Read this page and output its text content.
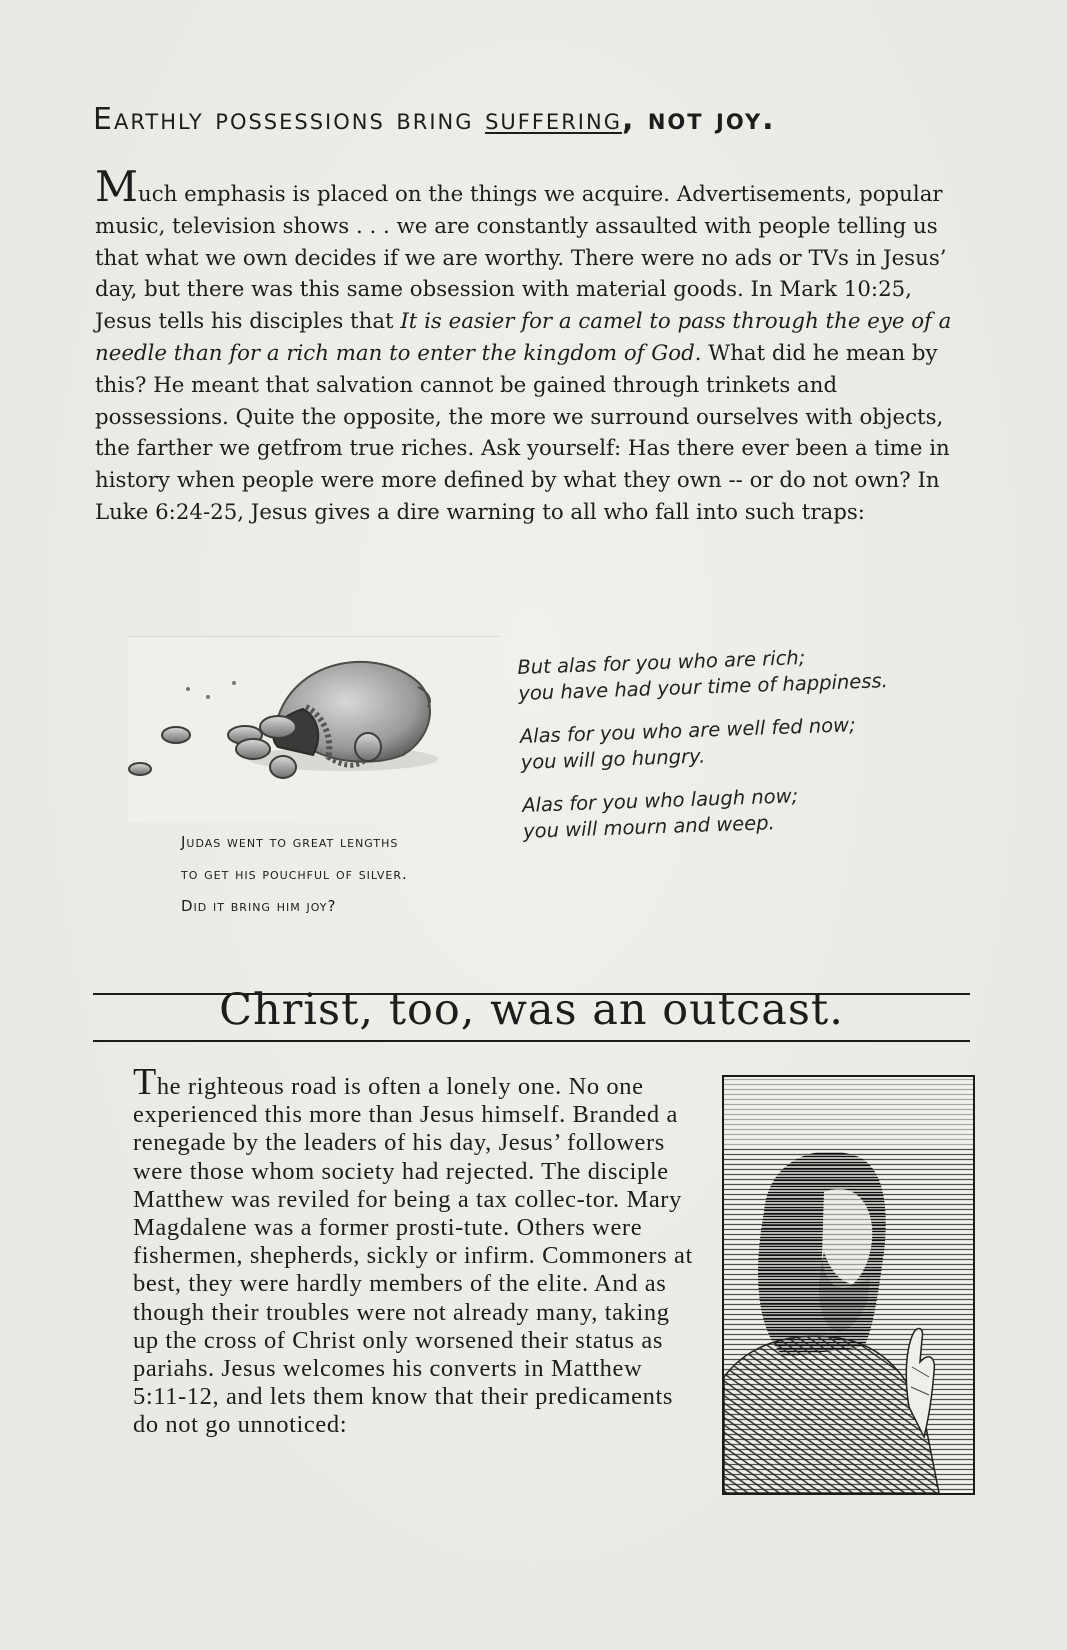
Earthly possessions bring suffering, not joy.
Much emphasis is placed on the things we acquire. Advertisements, popular music, television shows . . . we are constantly assaulted with people telling us that what we own decides if we are worthy. There were no ads or TVs in Jesus’ day, but there was this same obsession with material goods. In Mark 10:25, Jesus tells his disciples that It is easier for a camel to pass through the eye of a needle than for a rich man to enter the kingdom of God. What did he mean by this? He meant that salvation cannot be gained through trinkets and possessions. Quite the opposite, the more we surround ourselves with objects, the farther we getfrom true riches. Ask yourself: Has there ever been a time in history when people were more defined by what they own -- or do not own? In Luke 6:24-25, Jesus gives a dire warning to all who fall into such traps:
Judas went to great lengths
to get his pouchful of silver.
Did it bring him joy?

But alas for you who are rich;
you have had your time of happiness.

Alas for you who are well fed now;
you will go hungry.

Alas for you who laugh now;
you will mourn and weep.

Christ, too, was an outcast.
The righteous road is often a lonely one. No one experienced this more than Jesus himself. Branded a renegade by the leaders of his day, Jesus’ followers were those whom society had rejected. The disciple Matthew was reviled for being a tax collec-tor. Mary Magdalene was a former prosti-tute. Others were fishermen, shepherds, sickly or infirm. Commoners at best, they were hardly members of the elite. And as though their troubles were not already many, taking up the cross of Christ only worsened their status as pariahs. Jesus welcomes his converts in Matthew 5:11-12, and lets them know that their predicaments do not go unnoticed:
